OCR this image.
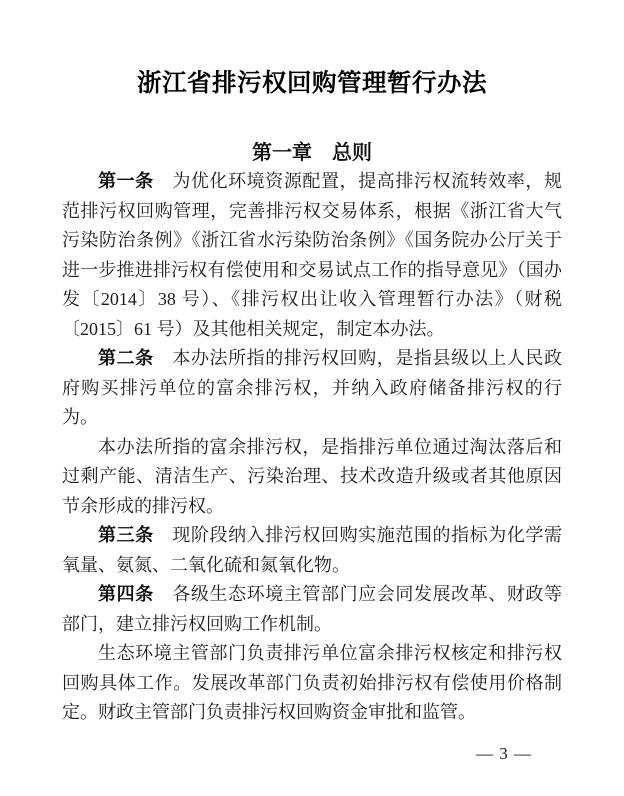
浙江省排污权回购管理暂行办法
第一章　总则

第一条 为优化环境资源配置，提高排污权流转效率，规范排污权回购管理，完善排污权交易体系，根据《浙江省大气污染防治条例》《浙江省水污染防治条例》《国务院办公厅关于进一步推进排污权有偿使用和交易试点工作的指导意见》（国办发〔2014〕38 号）、《排污权出让收入管理暂行办法》（财税〔2015〕61 号）及其他相关规定，制定本办法。

第二条 本办法所指的排污权回购，是指县级以上人民政府购买排污单位的富余排污权，并纳入政府储备排污权的行为。

本办法所指的富余排污权，是指排污单位通过淘汰落后和过剩产能、清洁生产、污染治理、技术改造升级或者其他原因节余形成的排污权。

第三条 现阶段纳入排污权回购实施范围的指标为化学需氧量、氨氮、二氧化硫和氮氧化物。

第四条 各级生态环境主管部门应会同发展改革、财政等部门，建立排污权回购工作机制。

生态环境主管部门负责排污单位富余排污权核定和排污权回购具体工作。发展改革部门负责初始排污权有偿使用价格制定。财政主管部门负责排污权回购资金审批和监管。

— 3 —
